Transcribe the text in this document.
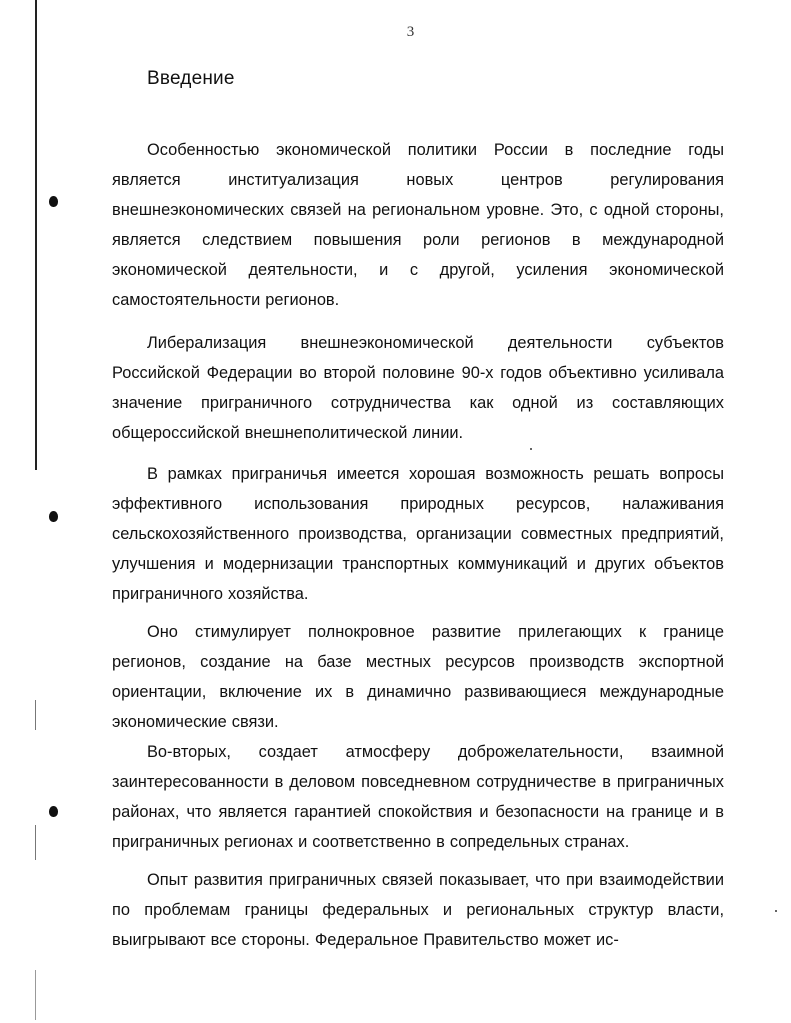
3
Введение

Особенностью экономической политики России в последние годы является институализация новых центров регулирования внешнеэкономических связей на региональном уровне. Это, с одной стороны, является следствием повышения роли регионов в международной экономической деятельности, и с другой, усиления экономической самостоятельности регионов.

Либерализация внешнеэкономической деятельности субъектов Российской Федерации во второй половине 90-х годов объективно усиливала значение приграничного сотрудничества как одной из составляющих общероссийской внешнеполитической линии.

В рамках приграничья имеется хорошая возможность решать вопросы эффективного использования природных ресурсов, налаживания сельскохозяйственного производства, организации совместных предприятий, улучшения и модернизации транспортных коммуникаций и других объектов приграничного хозяйства.

Оно стимулирует полнокровное развитие прилегающих к границе регионов, создание на базе местных ресурсов производств экспортной ориентации, включение их в динамично развивающиеся международные экономические связи.

Во-вторых, создает атмосферу доброжелательности, взаимной заинтересованности в деловом повседневном сотрудничестве в приграничных районах, что является гарантией спокойствия и безопасности на границе и в приграничных регионах и соответственно в сопредельных странах.

Опыт развития приграничных связей показывает, что при взаимодействии по проблемам границы федеральных и региональных структур власти, выигрывают все стороны. Федеральное Правительство может ис-
